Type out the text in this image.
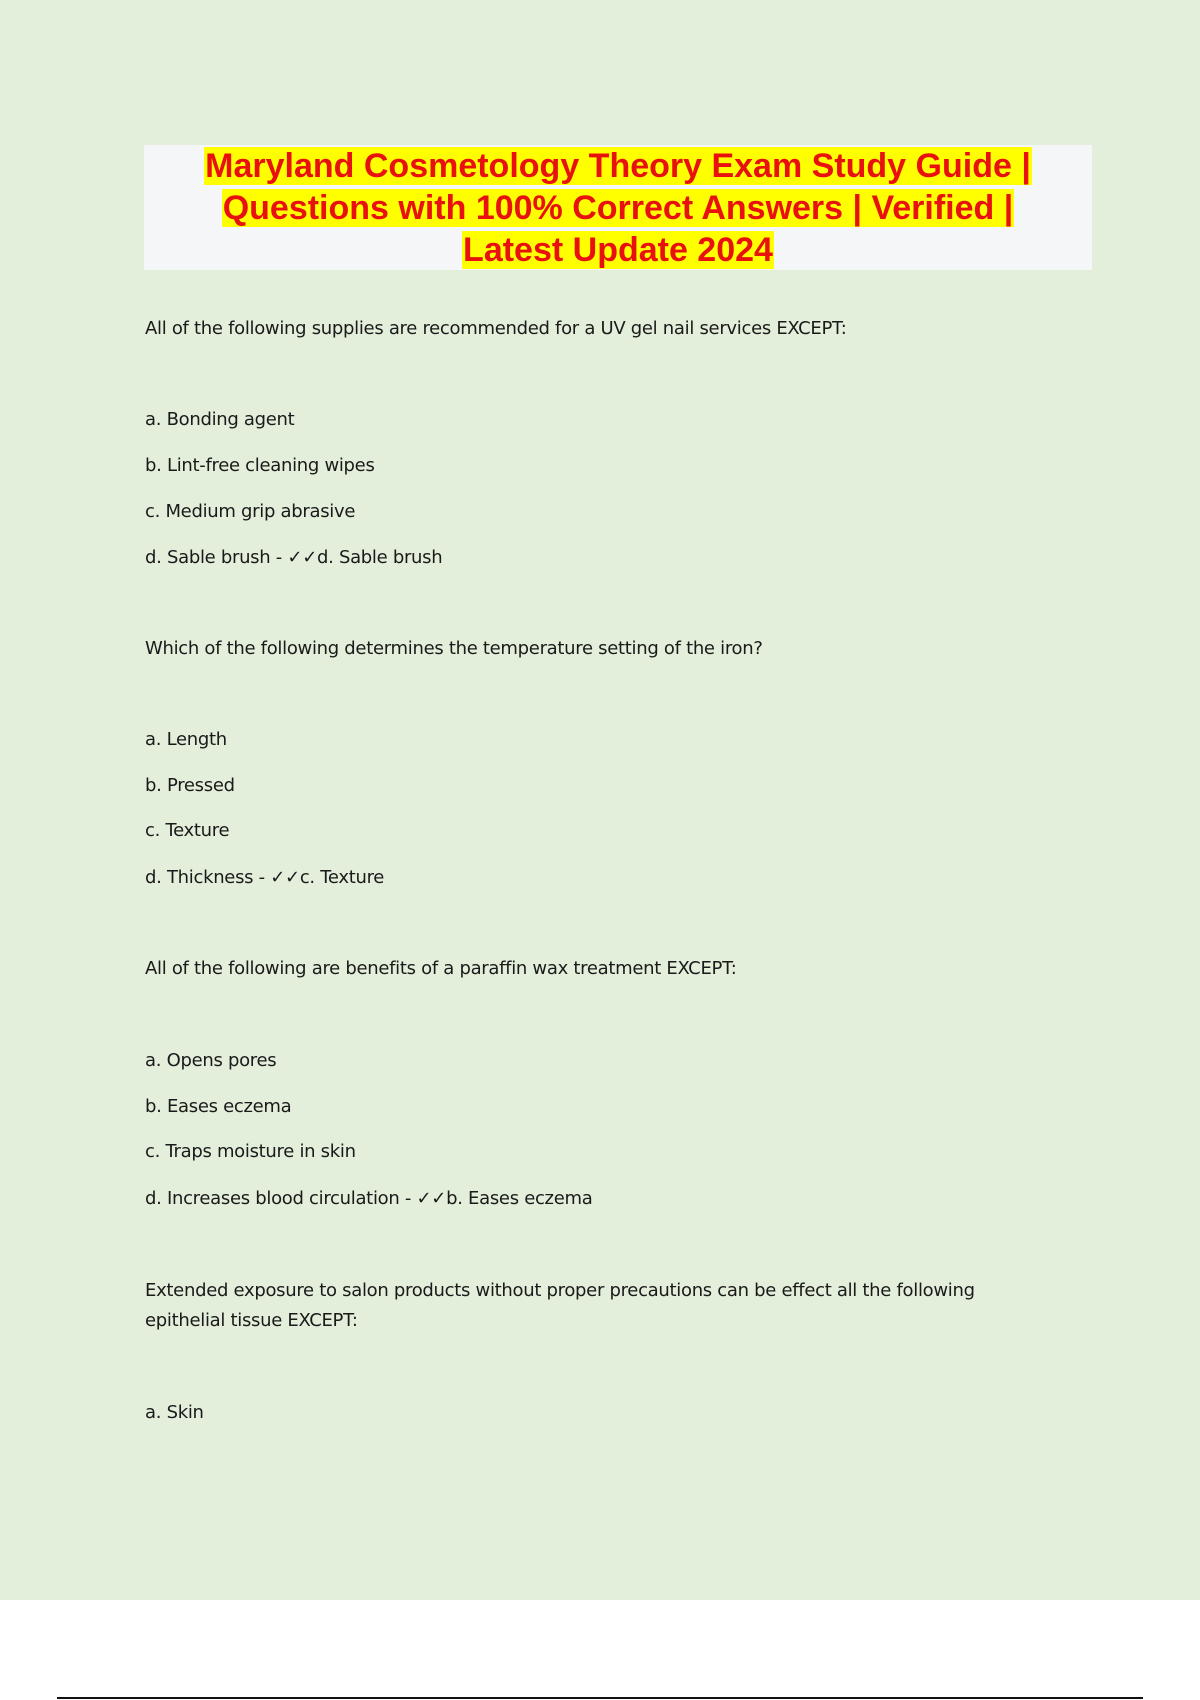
Maryland Cosmetology Theory Exam Study Guide |
Questions with 100% Correct Answers | Verified |
Latest Update 2024
All of the following supplies are recommended for a UV gel nail services EXCEPT:
a. Bonding agent
b. Lint-free cleaning wipes
c. Medium grip abrasive
d. Sable brush - ✓✓d. Sable brush
Which of the following determines the temperature setting of the iron?
a. Length
b. Pressed
c. Texture
d. Thickness - ✓✓c. Texture
All of the following are benefits of a paraffin wax treatment EXCEPT:
a. Opens pores
b. Eases eczema
c. Traps moisture in skin
d. Increases blood circulation - ✓✓b. Eases eczema
Extended exposure to salon products without proper precautions can be effect all the following epithelial tissue EXCEPT:
a. Skin
